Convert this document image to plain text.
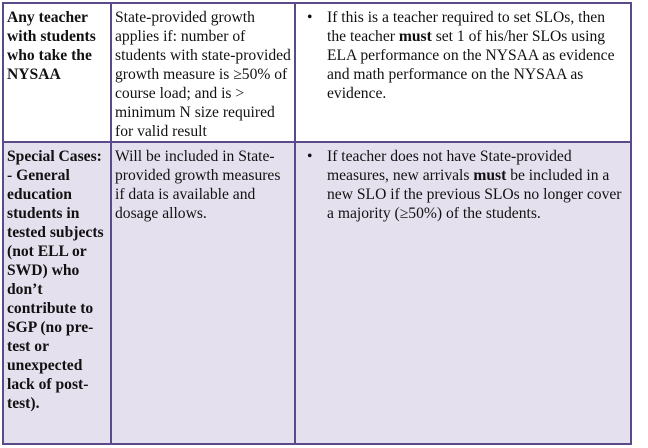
Any teacher with students who take the NYSAA	State-provided growth applies if: number of students with state-provided growth measure is ≥50% of course load; and is > minimum N size required for valid result	• If this is a teacher required to set SLOs, then the teacher must set 1 of his/her SLOs using ELA performance on the NYSAA as evidence and math performance on the NYSAA as evidence.

Special Cases: - General education students in tested subjects (not ELL or SWD) who don’t contribute to SGP (no pre-test or unexpected lack of post-test).	Will be included in State-provided growth measures if data is available and dosage allows.	• If teacher does not have State-provided measures, new arrivals must be included in a new SLO if the previous SLOs no longer cover a majority (≥50%) of the students.
